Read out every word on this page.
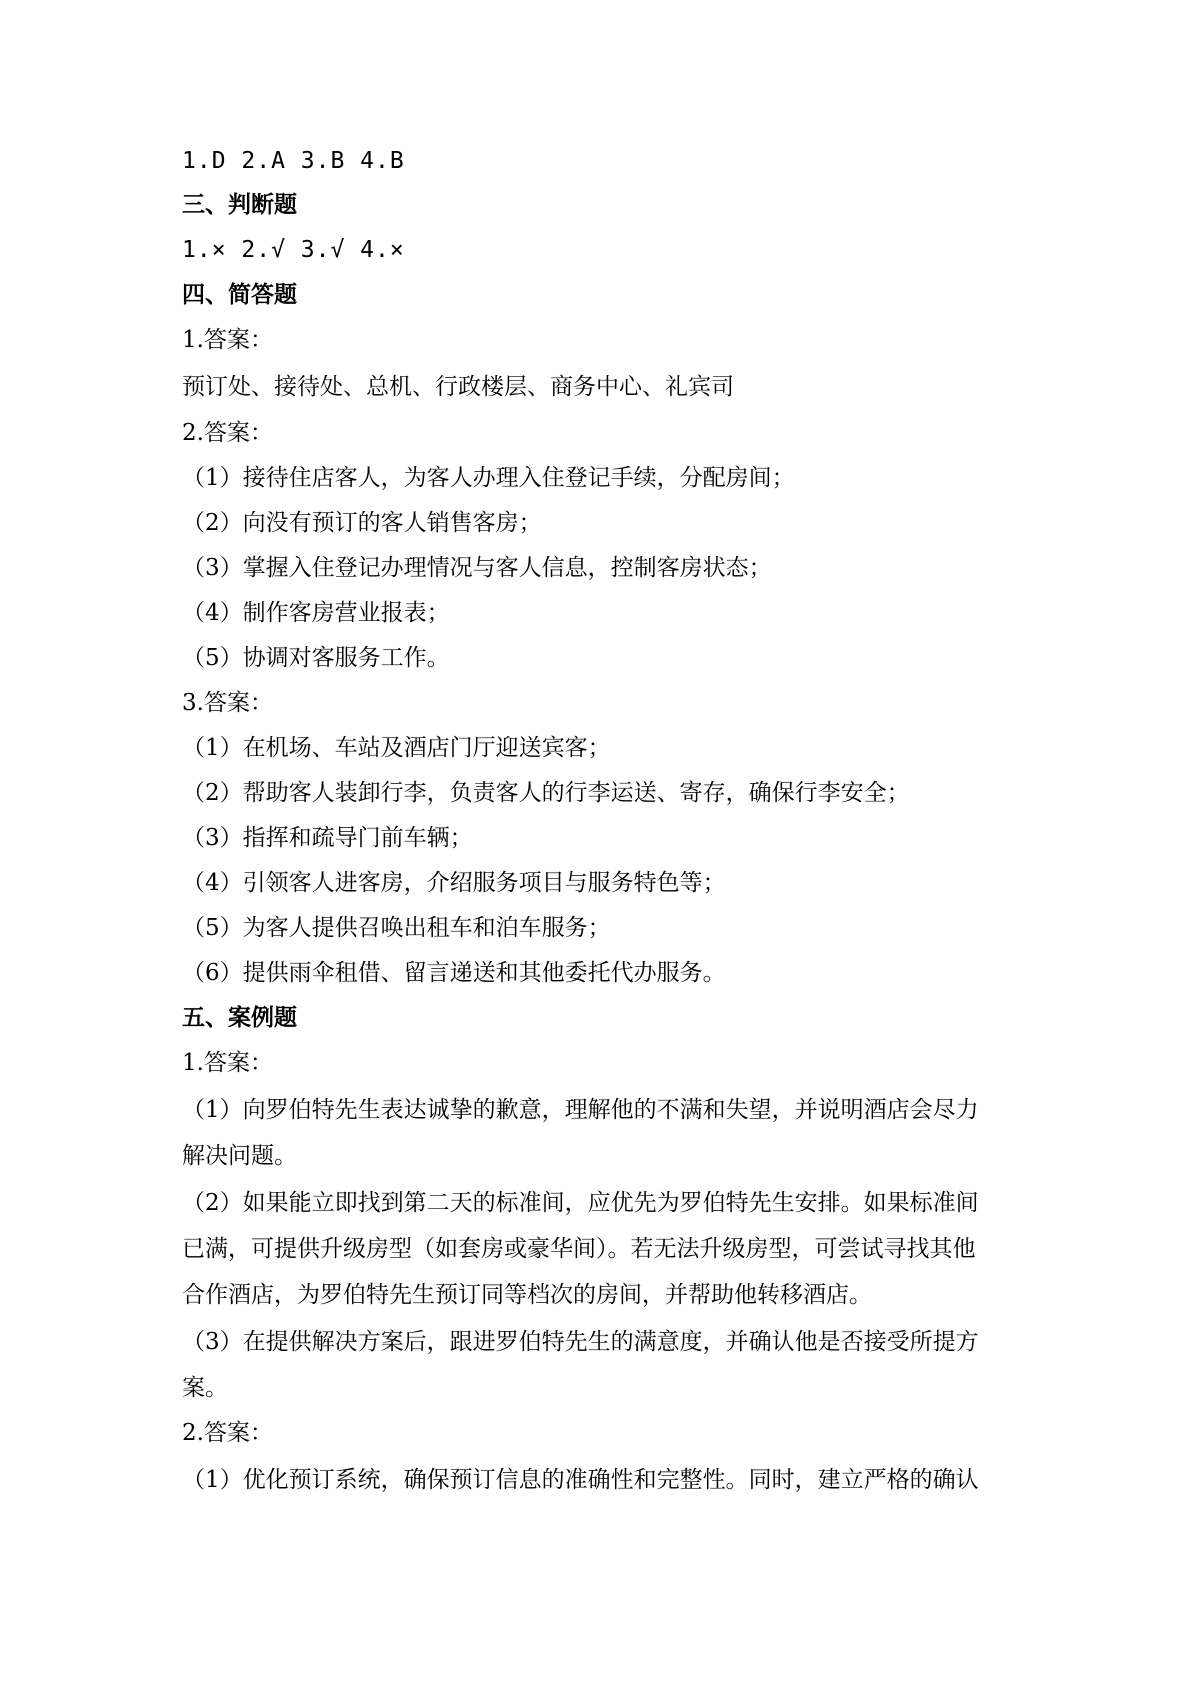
1.D 2.A 3.B 4.B
三、判断题
1.× 2.√ 3.√ 4.×
四、简答题
1.答案：
预订处、接待处、总机、行政楼层、商务中心、礼宾司
2.答案：
（1）接待住店客人，为客人办理入住登记手续，分配房间；
（2）向没有预订的客人销售客房；
（3）掌握入住登记办理情况与客人信息，控制客房状态；
（4）制作客房营业报表；
（5）协调对客服务工作。
3.答案：
（1）在机场、车站及酒店门厅迎送宾客；
（2）帮助客人装卸行李，负责客人的行李运送、寄存，确保行李安全；
（3）指挥和疏导门前车辆；
（4）引领客人进客房，介绍服务项目与服务特色等；
（5）为客人提供召唤出租车和泊车服务；
（6）提供雨伞租借、留言递送和其他委托代办服务。
五、案例题
1.答案：
（1）向罗伯特先生表达诚挚的歉意，理解他的不满和失望，并说明酒店会尽力
解决问题。
（2）如果能立即找到第二天的标准间，应优先为罗伯特先生安排。如果标准间
已满，可提供升级房型（如套房或豪华间）。若无法升级房型，可尝试寻找其他
合作酒店，为罗伯特先生预订同等档次的房间，并帮助他转移酒店。
（3）在提供解决方案后，跟进罗伯特先生的满意度，并确认他是否接受所提方
案。
2.答案：
（1）优化预订系统，确保预订信息的准确性和完整性。同时，建立严格的确认
